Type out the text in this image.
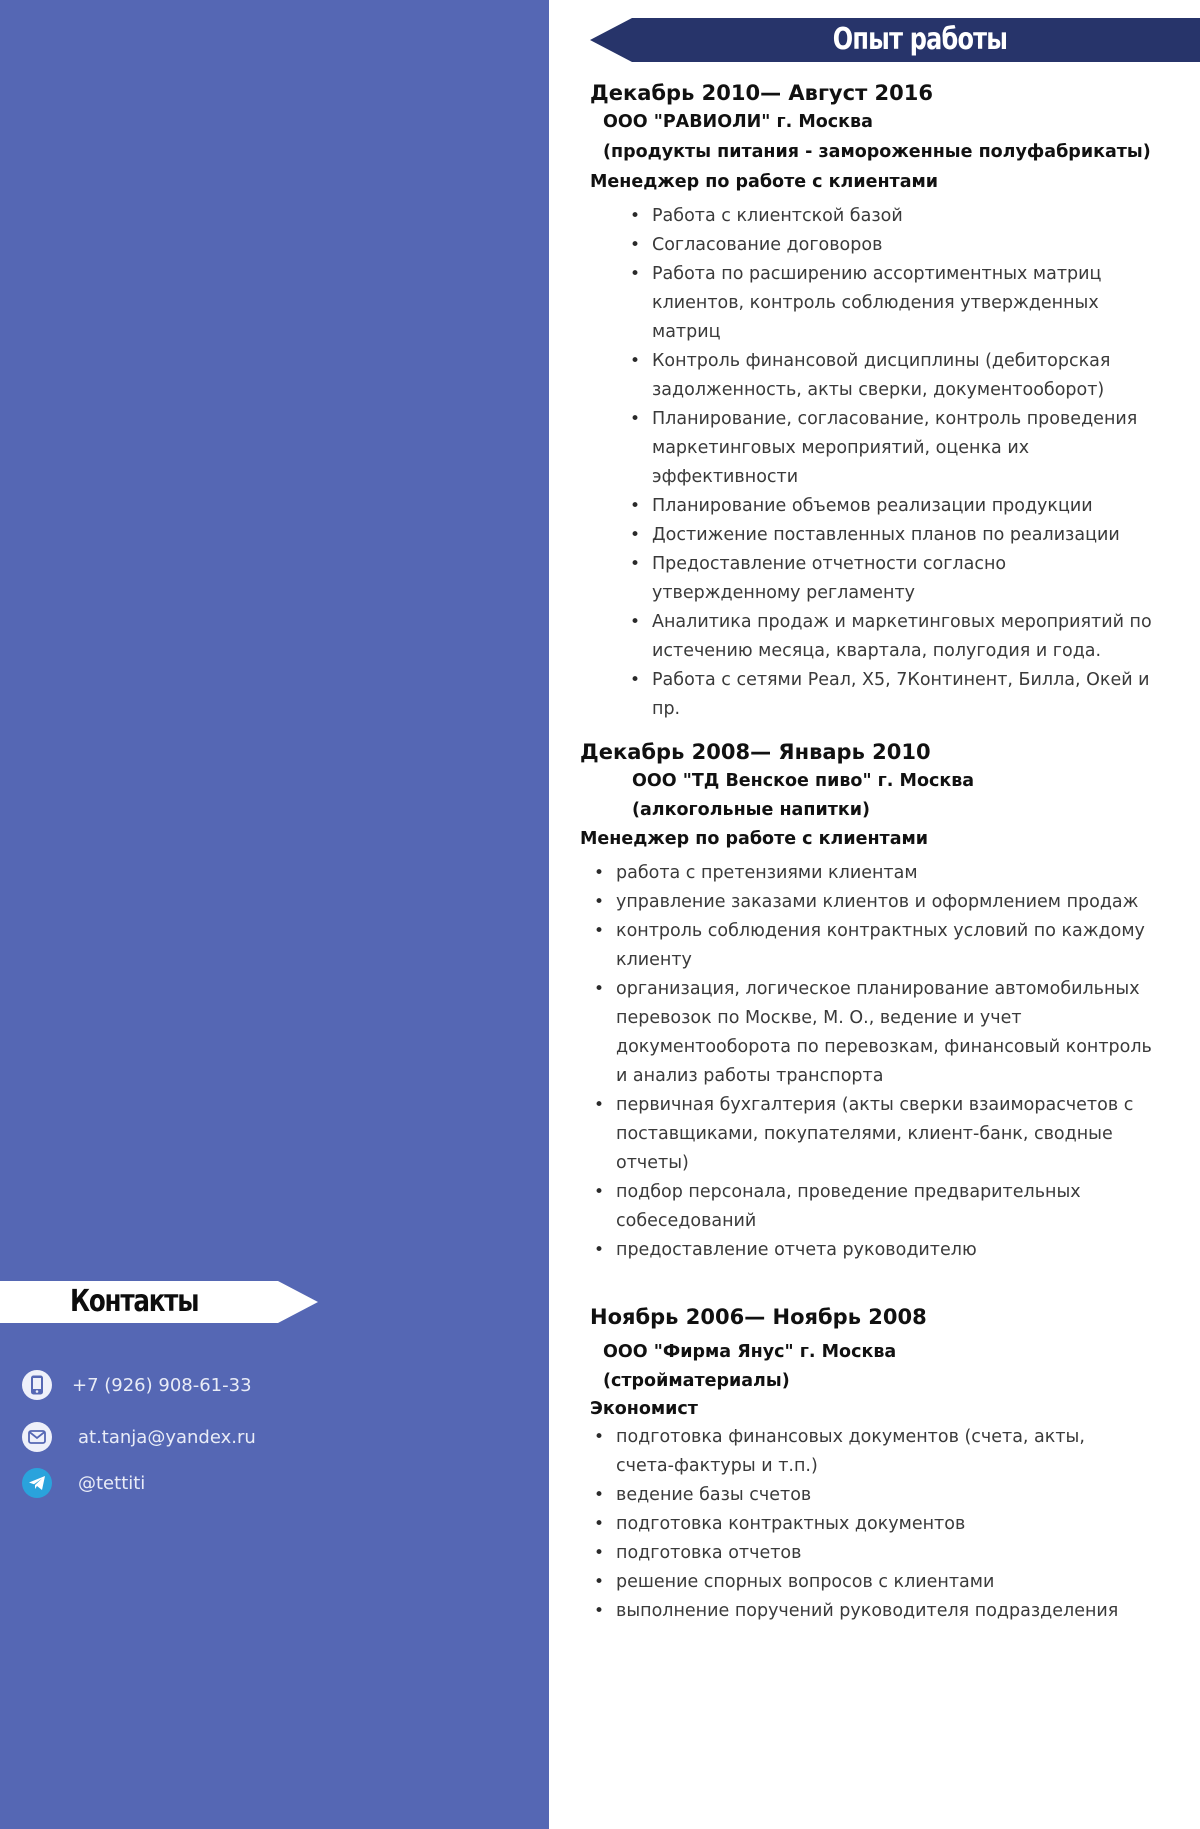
Контакты
+7 (926) 908-61-33
at.tanja@yandex.ru
@tettiti
Опыт работы
Декабрь 2010— Август 2016
ООО "РАВИОЛИ" г. Москва
(продукты питания - замороженные полуфабрикаты)
Менеджер по работе с клиентами
• Работа с клиентской базой
• Согласование договоров
• Работа по расширению ассортиментных матриц клиентов, контроль соблюдения утвержденных матриц
• Контроль финансовой дисциплины (дебиторская задолженность, акты сверки, документооборот)
• Планирование, согласование, контроль проведения маркетинговых мероприятий, оценка их эффективности
• Планирование объемов реализации продукции
• Достижение поставленных планов по реализации
• Предоставление отчетности согласно утвержденному регламенту
• Аналитика продаж и маркетинговых мероприятий по истечению месяца, квартала, полугодия и года.
• Работа с сетями Реал, Х5, 7Континент, Билла, Окей и пр.
Декабрь 2008— Январь 2010
ООО "ТД Венское пиво" г. Москва
(алкогольные напитки)
Менеджер по работе с клиентами
• работа с претензиями клиентам
• управление заказами клиентов и оформлением продаж
• контроль соблюдения контрактных условий по каждому клиенту
• организация, логическое планирование автомобильных перевозок по Москве, М. О., ведение и учет документооборота по перевозкам, финансовый контроль и анализ работы транспорта
• первичная бухгалтерия (акты сверки взаиморасчетов с поставщиками, покупателями, клиент-банк, сводные отчеты)
• подбор персонала, проведение предварительных собеседований
• предоставление отчета руководителю
Ноябрь 2006— Ноябрь 2008
ООО "Фирма Янус" г. Москва
(стройматериалы)
Экономист
• подготовка финансовых документов (счета, акты, счета-фактуры и т.п.)
• ведение базы счетов
• подготовка контрактных документов
• подготовка отчетов
• решение спорных вопросов с клиентами
• выполнение поручений руководителя подразделения
